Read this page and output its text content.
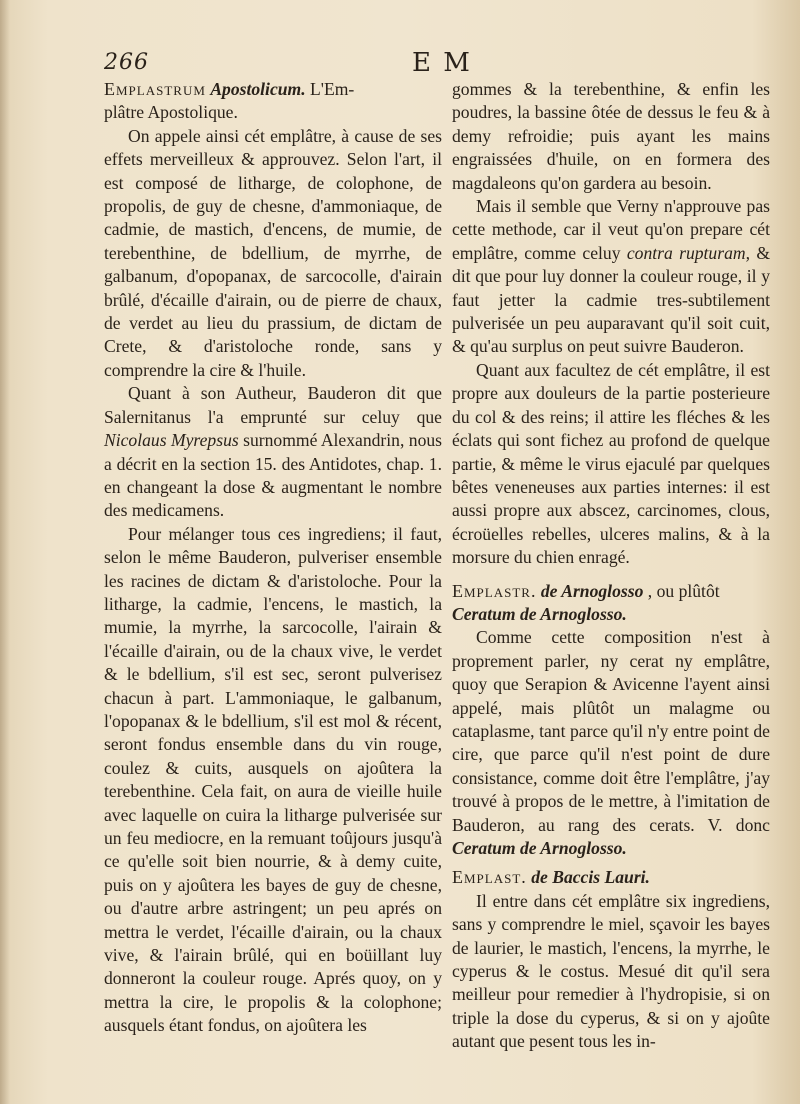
266	E M

Emplastrum Apostolicum. L'Em-

plâtre Apostolique.

On appele ainsi cét emplâtre, à cause de ses effets merveilleux & approuvez. Selon l'art, il est composé de litharge, de colophone, de propolis, de guy de chesne, d'ammoniaque, de cadmie, de mastich, d'encens, de mumie, de terebenthine, de bdellium, de myrrhe, de galbanum, d'opopanax, de sarcocolle, d'airain brûlé, d'écaille d'airain, ou de pierre de chaux, de verdet au lieu du prassium, de dictam de Crete, & d'aristoloche ronde, sans y comprendre la cire & l'huile.

Quant à son Autheur, Bauderon dit que Salernitanus l'a emprunté sur celuy que Nicolaus Myrepsus surnommé Alexandrin, nous a décrit en la section 15. des Antidotes, chap. 1. en changeant la dose & augmentant le nombre des medicamens.

Pour mélanger tous ces ingrediens; il faut, selon le même Bauderon, pulveriser ensemble les racines de dictam & d'aristoloche. Pour la litharge, la cadmie, l'encens, le mastich, la mumie, la myrrhe, la sarcocolle, l'airain & l'écaille d'airain, ou de la chaux vive, le verdet & le bdellium, s'il est sec, seront pulverisez chacun à part. L'ammoniaque, le galbanum, l'opopanax & le bdellium, s'il est mol & récent, seront fondus ensemble dans du vin rouge, coulez & cuits, ausquels on ajoûtera la terebenthine. Cela fait, on aura de vieille huile avec laquelle on cuira la litharge pulverisée sur un feu mediocre, en la remuant toûjours jusqu'à ce qu'elle soit bien nourrie, & à demy cuite, puis on y ajoûtera les bayes de guy de chesne, ou d'autre arbre astringent; un peu aprés on mettra le verdet, l'écaille d'airain, ou la chaux vive, & l'airain brûlé, qui en boüillant luy donneront la couleur rouge. Aprés quoy, on y mettra la cire, le propolis & la colophone; ausquels étant fondus, on ajoûtera les

gommes & la terebenthine, & enfin les poudres, la bassine ôtée de dessus le feu & à demy refroidie; puis ayant les mains engraissées d'huile, on en formera des magdaleons qu'on gardera au besoin.

Mais il semble que Verny n'approuve pas cette methode, car il veut qu'on prepare cét emplâtre, comme celuy contra rupturam, & dit que pour luy donner la couleur rouge, il y faut jetter la cadmie tres-subtilement pulverisée un peu auparavant qu'il soit cuit, & qu'au surplus on peut suivre Bauderon.

Quant aux facultez de cét emplâtre, il est propre aux douleurs de la partie posterieure du col & des reins; il attire les fléches & les éclats qui sont fichez au profond de quelque partie, & même le virus ejaculé par quelques bêtes veneneuses aux parties internes: il est aussi propre aux abscez, carcinomes, clous, écroüelles rebelles, ulceres malins, & à la morsure du chien enragé.

Emplastr. de Arnoglosso , ou plûtôt

Ceratum de Arnoglosso.

Comme cette composition n'est à proprement parler, ny cerat ny emplâtre, quoy que Serapion & Avicenne l'ayent ainsi appelé, mais plûtôt un malagme ou cataplasme, tant parce qu'il n'y entre point de cire, que parce qu'il n'est point de dure consistance, comme doit être l'emplâtre, j'ay trouvé à propos de le mettre, à l'imitation de Bauderon, au rang des cerats. V. donc Ceratum de Arnoglosso.

Emplast. de Baccis Lauri.

Il entre dans cét emplâtre six ingrediens, sans y comprendre le miel, sçavoir les bayes de laurier, le mastich, l'encens, la myrrhe, le cyperus & le costus. Mesué dit qu'il sera meilleur pour remedier à l'hydropisie, si on triple la dose du cyperus, & si on y ajoûte autant que pesent tous les in-
